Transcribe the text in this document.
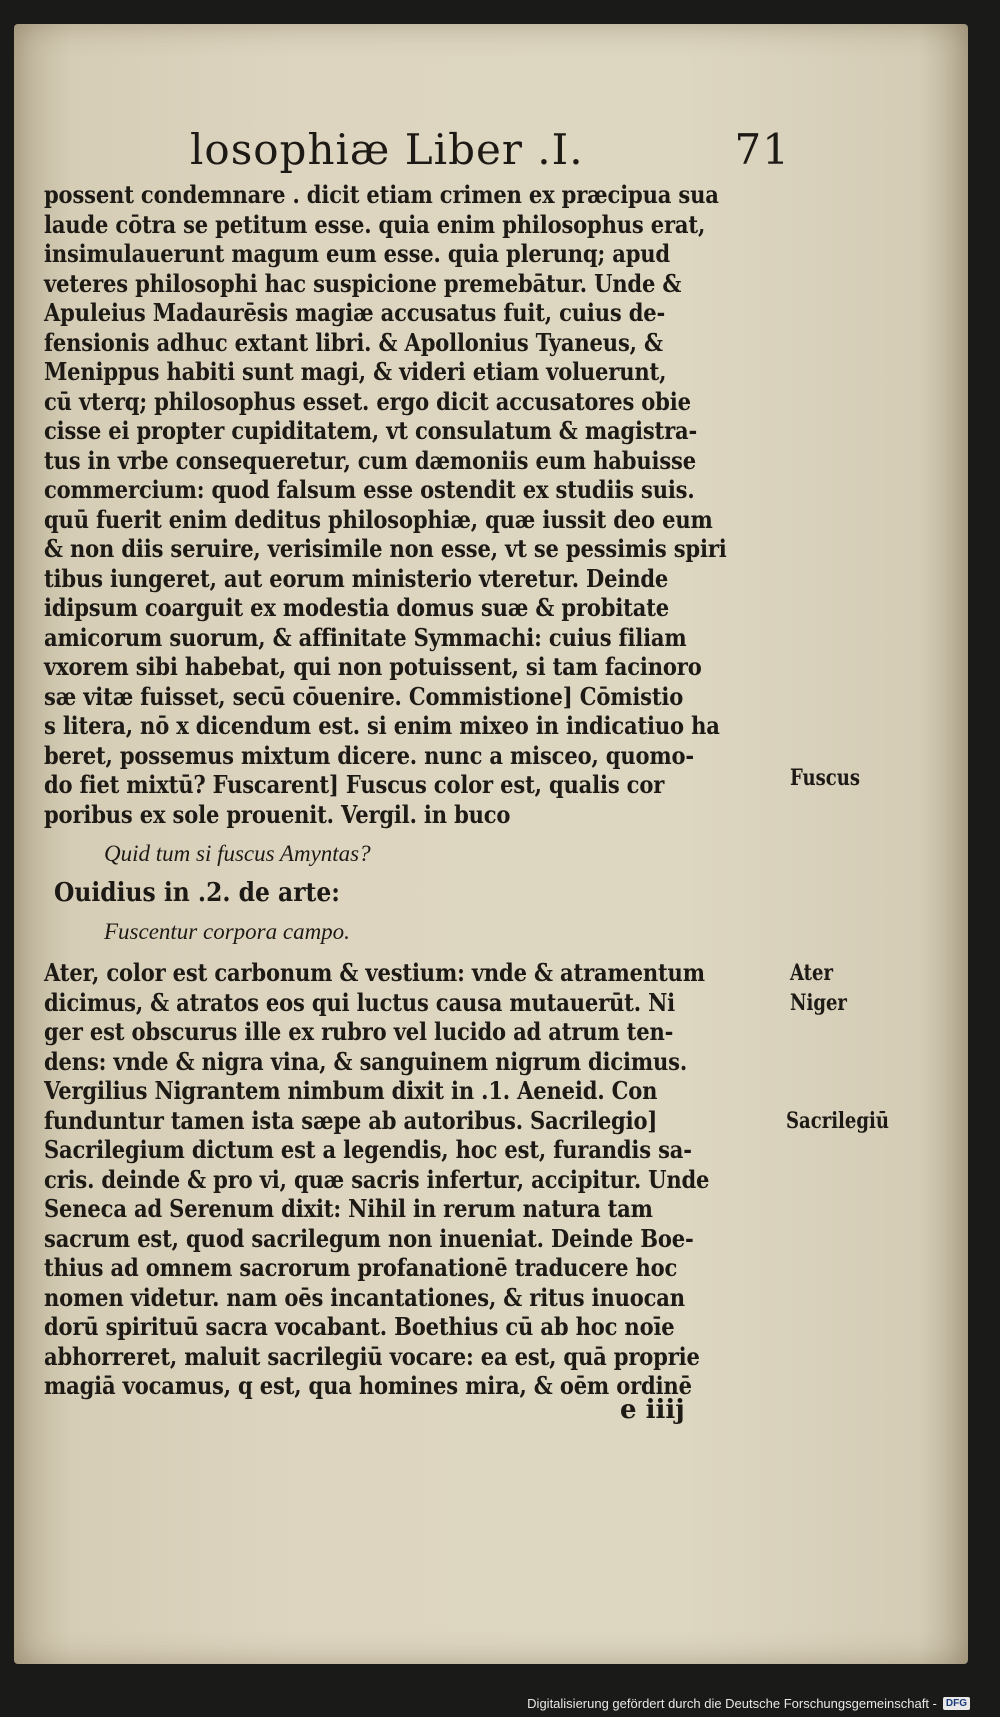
losophiæ Liber .I.	71
possent condemnare . dicit etiam crimen ex præcipua sua
laude cōtra se petitum esse. quia enim philosophus erat,
insimulauerunt magum eum esse. quia plerunq; apud
veteres philosophi hac suspicione premebātur. Unde &
Apuleius Madaurēsis magiæ accusatus fuit, cuius de-
fensionis adhuc extant libri. & Apollonius Tyaneus, &
Menippus habiti sunt magi, & videri etiam voluerunt,
cū vterq; philosophus esset. ergo dicit accusatores obie
cisse ei propter cupiditatem, vt consulatum & magistra-
tus in vrbe consequeretur, cum dæmoniis eum habuisse
commercium: quod falsum esse ostendit ex studiis suis.
quū fuerit enim deditus philosophiæ, quæ iussit deo eum
& non diis seruire, verisimile non esse, vt se pessimis spiri
tibus iungeret, aut eorum ministerio vteretur. Deinde
idipsum coarguit ex modestia domus suæ & probitate
amicorum suorum, & affinitate Symmachi: cuius filiam
vxorem sibi habebat, qui non potuissent, si tam facinoro
sæ vitæ fuisset, secū cōuenire. Commistione] Cōmistio
s litera, nō x dicendum est. si enim mixeo in indicatiuo ha
beret, possemus mixtum dicere. nunc a misceo, quomo-
do fiet mixtū? Fuscarent] Fuscus color est, qualis cor
poribus ex sole prouenit. Vergil. in buco
Quid tum si fuscus Amyntas?
Ouidius in .2. de arte:
Fuscentur corpora campo.
Ater, color est carbonum & vestium: vnde & atramentum
dicimus, & atratos eos qui luctus causa mutauerūt. Ni
ger est obscurus ille ex rubro vel lucido ad atrum ten-
dens: vnde & nigra vina, & sanguinem nigrum dicimus.
Vergilius Nigrantem nimbum dixit in .1. Aeneid. Con
funduntur tamen ista sæpe ab autoribus. Sacrilegio]
Sacrilegium dictum est a legendis, hoc est, furandis sa-
cris. deinde & pro vi, quæ sacris infertur, accipitur. Unde
Seneca ad Serenum dixit: Nihil in rerum natura tam
sacrum est, quod sacrilegum non inueniat. Deinde Boe-
thius ad omnem sacrorum profanationē traducere hoc
nomen videtur. nam oēs incantationes, & ritus inuocan
dorū spirituū sacra vocabant. Boethius cū ab hoc noīe
abhorreret, maluit sacrilegiū vocare: ea est, quā proprie
magiā vocamus, q est, qua homines mira, & oēm ordinē
Fuscus
Ater
Niger
Sacrilegiū
e iiij
Digitalisierung gefördert durch die Deutsche Forschungsgemeinschaft - DFG
